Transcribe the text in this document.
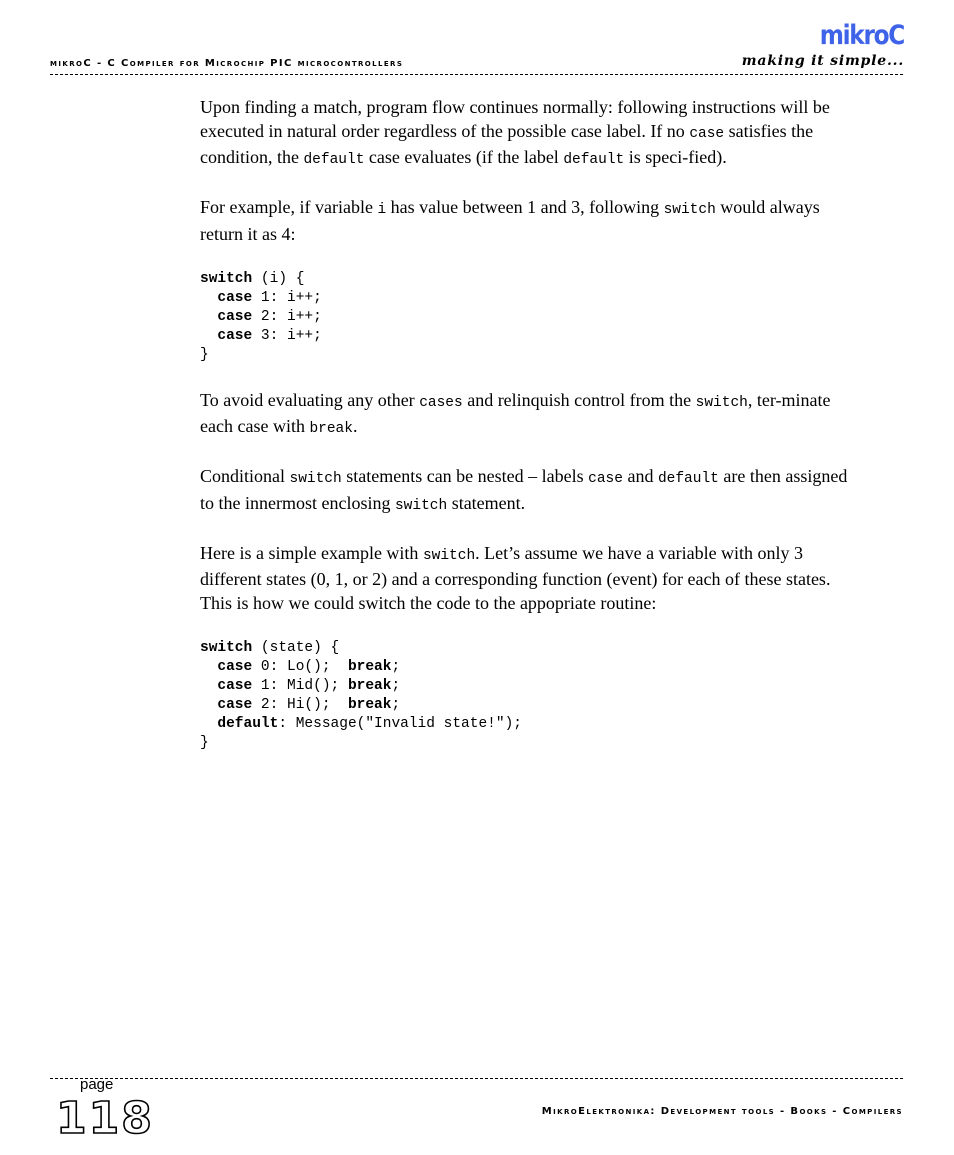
mikroC - C Compiler for Microchip PIC microcontrollers
mikroC
making it simple...

Upon finding a match, program flow continues normally: following instructions will be executed in natural order regardless of the possible case label. If no case satisfies the condition, the default case evaluates (if the label default is speci-fied).

For example, if variable i has value between 1 and 3, following switch would always return it as 4:

switch (i) {
case 1: i++;
case 2: i++;
case 3: i++;
}

To avoid evaluating any other cases and relinquish control from the switch, ter-minate each case with break.

Conditional switch statements can be nested – labels case and default are then assigned to the innermost enclosing switch statement.

Here is a simple example with switch. Let’s assume we have a variable with only 3 different states (0, 1, or 2) and a corresponding function (event) for each of these states. This is how we could switch the code to the appopriate routine:

switch (state) {
case 0: Lo();  break;
case 1: Mid(); break;
case 2: Hi();  break;
default: Message("Invalid state!");
}
page
118	MikroElektronika: Development tools - Books - Compilers
